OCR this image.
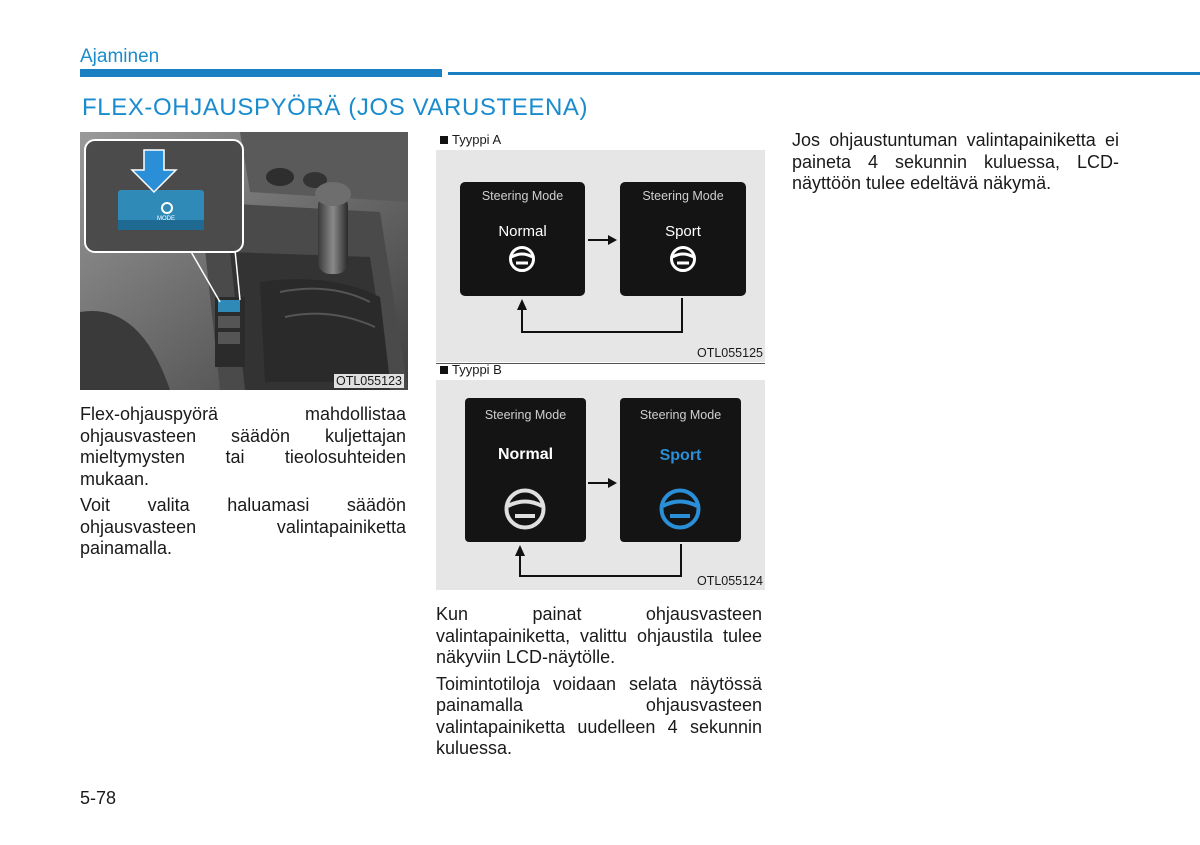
Ajaminen
FLEX-OHJAUSPYÖRÄ (JOS VARUSTEENA)
MODE
OTL055123

Flex-ohjauspyörä mahdollistaa ohjausvasteen säädön kuljettajan mieltymysten tai tieolosuhteiden mukaan.

Voit valita haluamasi säädön ohjausvasteen valintapainiketta painamalla.

Tyyppi A
Steering Mode
Normal
Steering Mode
Sport
OTL055125
Tyyppi B
Steering Mode
Normal
Steering Mode
Sport
OTL055124

Kun painat ohjausvasteen valintapainiketta, valittu ohjaustila tulee näkyviin LCD-näytölle.

Toimintotiloja voidaan selata näytössä painamalla ohjausvasteen valintapainiketta uudelleen 4 sekunnin kuluessa.

Jos ohjaustuntuman valintapainiketta ei paineta 4 sekunnin kuluessa, LCD-näyttöön tulee edeltävä näkymä.

5-78
